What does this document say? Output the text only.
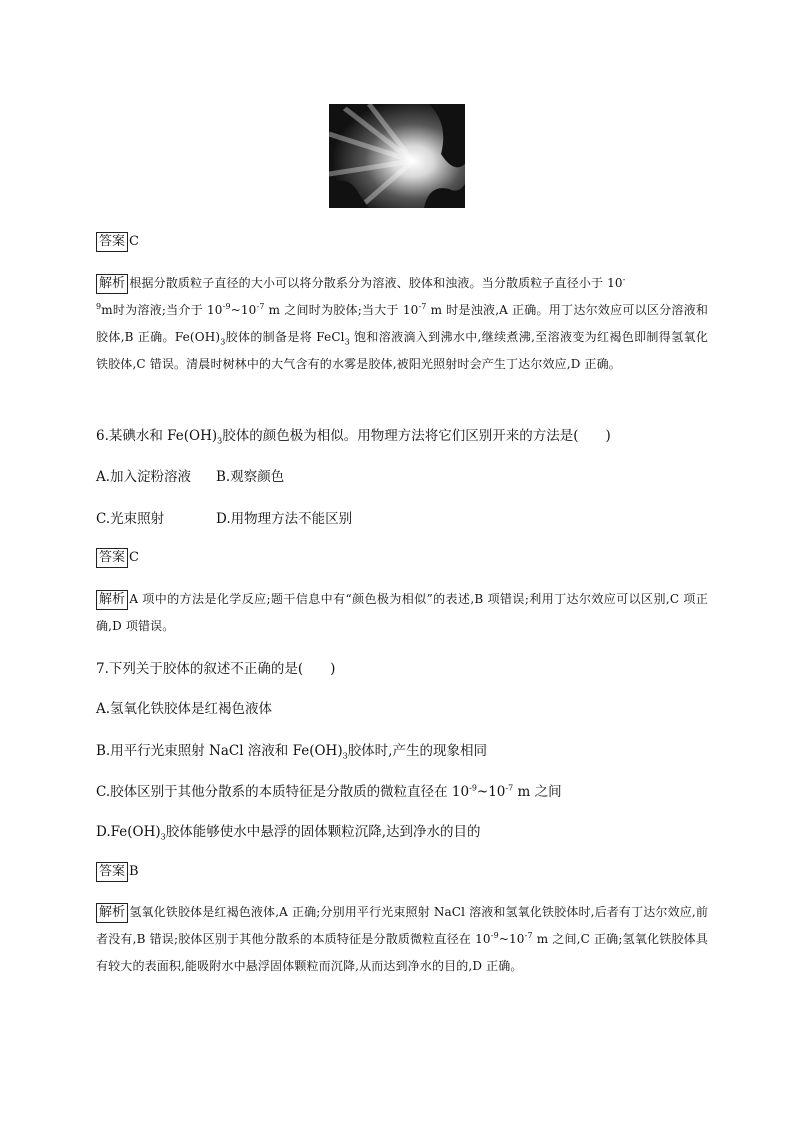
答案 C
解析 根据分散质粒子直径的大小可以将分散系分为溶液、胶体和浊液。当分散质粒子直径小于 10-
$^9$m时为溶液;当介于 $10^{-9}\sim 10^{-7}$ m 之间时为胶体;当大于 $10^{-7}$ m 时是浊液,A 正确。用丁达尔效应可以区分溶液和胶体,B 正确。$Fe(OH)_3$胶体的制备是将 FeCl$_3$ 饱和溶液滴入到沸水中,继续煮沸,至溶液变为红褐色即制得氢氧化铁胶体,C 错误。清晨时树林中的大气含有的水雾是胶体,被阳光照射时会产生丁达尔效应,D 正确。
6.某碘水和 $Fe(OH)_3$胶体的颜色极为相似。用物理方法将它们区别开来的方法是(　　)
A.加入淀粉溶液 B.观察颜色
C.光束照射	D.用物理方法不能区别
答案 C
解析 A 项中的方法是化学反应;题干信息中有“颜色极为相似”的表述,B 项错误;利用丁达尔效应可以区别,C 项正确,D 项错误。
7.下列关于胶体的叙述不正确的是(　　)
A.氢氧化铁胶体是红褐色液体
B.用平行光束照射 NaCl 溶液和 $Fe(OH)_3$胶体时,产生的现象相同
C.胶体区别于其他分散系的本质特征是分散质的微粒直径在 $10^{-9}\sim 10^{-7}$ m 之间
$D.Fe(OH)_3$胶体能够使水中悬浮的固体颗粒沉降,达到净水的目的
答案 B
解析 氢氧化铁胶体是红褐色液体,A 正确;分别用平行光束照射 NaCl 溶液和氢氧化铁胶体时,后者有丁达尔效应,前者没有,B 错误;胶体区别于其他分散系的本质特征是分散质微粒直径在 $10^{-9}\sim 10^{-7}$ m 之间,C 正确;氢氧化铁胶体具有较大的表面积,能吸附水中悬浮固体颗粒而沉降,从而达到净水的目的,D 正确。
